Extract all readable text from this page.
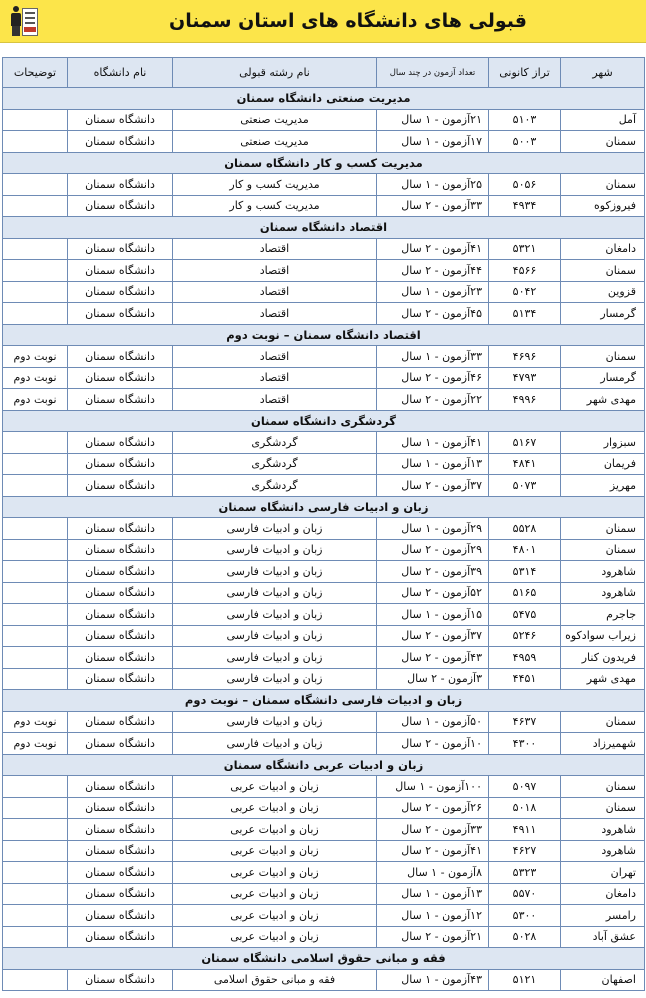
قبولی های دانشگاه های استان سمنان
شهر	تراز کانونی	تعداد آزمون در چند سال	نام رشته قبولی	نام دانشگاه	توضیحات
مدیریت صنعتی دانشگاه سمنان					
آمل	۵۱۰۳	۲۱آزمون - ۱ سال	مدیریت صنعتی	دانشگاه سمنان	
سمنان	۵۰۰۳	۱۷آزمون - ۱ سال	مدیریت صنعتی	دانشگاه سمنان	
مدیریت کسب و کار دانشگاه سمنان					
سمنان	۵۰۵۶	۲۵آزمون - ۱ سال	مدیریت کسب و کار	دانشگاه سمنان	
فیروزکوه	۴۹۳۴	۳۳آزمون - ۲ سال	مدیریت کسب و کار	دانشگاه سمنان	
اقتصاد دانشگاه سمنان					
دامغان	۵۳۲۱	۴۱آزمون - ۲ سال	اقتصاد	دانشگاه سمنان	
سمنان	۴۵۶۶	۴۴آزمون - ۲ سال	اقتصاد	دانشگاه سمنان	
قزوین	۵۰۴۲	۲۳آزمون - ۱ سال	اقتصاد	دانشگاه سمنان	
گرمسار	۵۱۳۴	۴۵آزمون - ۲ سال	اقتصاد	دانشگاه سمنان	
اقتصاد دانشگاه سمنان – نوبت دوم					
سمنان	۴۶۹۶	۳۳آزمون - ۱ سال	اقتصاد	دانشگاه سمنان	نوبت دوم
گرمسار	۴۷۹۳	۴۶آزمون - ۲ سال	اقتصاد	دانشگاه سمنان	نوبت دوم
مهدی شهر	۴۹۹۶	۲۲آزمون - ۲ سال	اقتصاد	دانشگاه سمنان	نوبت دوم
گردشگری دانشگاه سمنان					
سبزوار	۵۱۶۷	۴۱آزمون - ۱ سال	گردشگری	دانشگاه سمنان	
فریمان	۴۸۴۱	۱۳آزمون - ۱ سال	گردشگری	دانشگاه سمنان	
مهریز	۵۰۷۳	۳۷آزمون - ۲ سال	گردشگری	دانشگاه سمنان	
زبان و ادبیات فارسی دانشگاه سمنان					
سمنان	۵۵۲۸	۲۹آزمون - ۱ سال	زبان و ادبیات فارسی	دانشگاه سمنان	
سمنان	۴۸۰۱	۲۹آزمون - ۲ سال	زبان و ادبیات فارسی	دانشگاه سمنان	
شاهرود	۵۳۱۴	۳۹آزمون - ۲ سال	زبان و ادبیات فارسی	دانشگاه سمنان	
شاهرود	۵۱۶۵	۵۲آزمون - ۲ سال	زبان و ادبیات فارسی	دانشگاه سمنان	
جاجرم	۵۴۷۵	۱۵آزمون - ۱ سال	زبان و ادبیات فارسی	دانشگاه سمنان	
زیراب سوادکوه	۵۲۴۶	۳۷آزمون - ۲ سال	زبان و ادبیات فارسی	دانشگاه سمنان	
فریدون کنار	۴۹۵۹	۴۳آزمون - ۲ سال	زبان و ادبیات فارسی	دانشگاه سمنان	
مهدی شهر	۴۴۵۱	۳آزمون - ۲ سال	زبان و ادبیات فارسی	دانشگاه سمنان	
زبان و ادبیات فارسی دانشگاه سمنان – نوبت دوم					
سمنان	۴۶۳۷	۵۰آزمون - ۱ سال	زبان و ادبیات فارسی	دانشگاه سمنان	نوبت دوم
شهمیرزاد	۴۳۰۰	۱۰آزمون - ۲ سال	زبان و ادبیات فارسی	دانشگاه سمنان	نوبت دوم
زبان و ادبیات عربی دانشگاه سمنان					
سمنان	۵۰۹۷	۱۰۰آزمون - ۱ سال	زبان و ادبیات عربی	دانشگاه سمنان	
سمنان	۵۰۱۸	۲۶آزمون - ۲ سال	زبان و ادبیات عربی	دانشگاه سمنان	
شاهرود	۴۹۱۱	۳۳آزمون - ۲ سال	زبان و ادبیات عربی	دانشگاه سمنان	
شاهرود	۴۶۲۷	۴۱آزمون - ۲ سال	زبان و ادبیات عربی	دانشگاه سمنان	
تهران	۵۳۲۳	۸آزمون - ۱ سال	زبان و ادبیات عربی	دانشگاه سمنان	
دامغان	۵۵۷۰	۱۳آزمون - ۱ سال	زبان و ادبیات عربی	دانشگاه سمنان	
رامسر	۵۳۰۰	۱۲آزمون - ۱ سال	زبان و ادبیات عربی	دانشگاه سمنان	
عشق آباد	۵۰۲۸	۲۱آزمون - ۲ سال	زبان و ادبیات عربی	دانشگاه سمنان	
فقه و مبانی حقوق اسلامی دانشگاه سمنان					
اصفهان	۵۱۲۱	۴۳آزمون - ۱ سال	فقه و مبانی حقوق اسلامی	دانشگاه سمنان	
